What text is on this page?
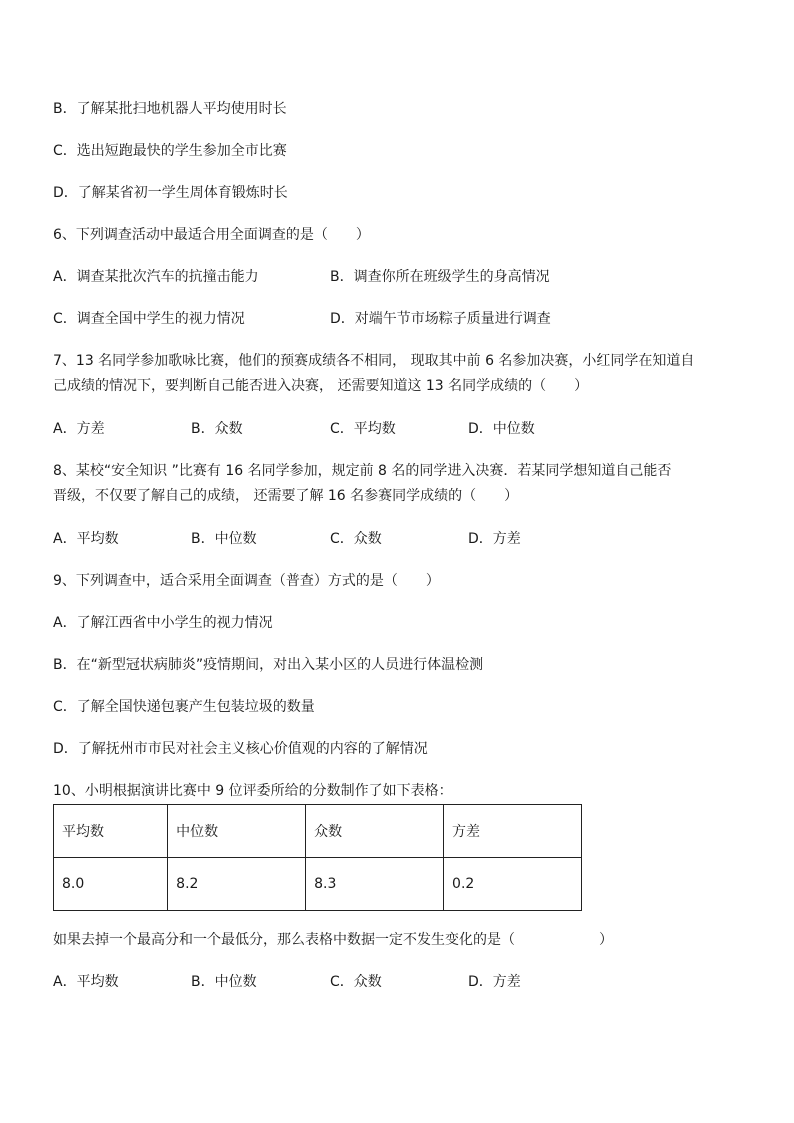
B．了解某批扫地机器人平均使用时长
C．选出短跑最快的学生参加全市比赛
D．了解某省初一学生周体育锻炼时长
6、下列调查活动中最适合用全面调查的是（　　）
A．调查某批次汽车的抗撞击能力	B．调查你所在班级学生的身高情况
C．调查全国中学生的视力情况	D．对端午节市场粽子质量进行调查
7、13 名同学参加歌咏比赛，他们的预赛成绩各不相同， 现取其中前 6 名参加决赛，小红同学在知道自
己成绩的情况下，要判断自己能否进入决赛， 还需要知道这 13 名同学成绩的（　　）
A．方差	B．众数	C．平均数	D．中位数
8、某校“安全知识 ”比赛有 16 名同学参加，规定前 8 名的同学进入决赛．若某同学想知道自己能否
晋级，不仅要了解自己的成绩， 还需要了解 16 名参赛同学成绩的（　　）
A．平均数	B．中位数	C．众数	D．方差
9、下列调查中，适合采用全面调查（普查）方式的是（　　）
A．了解江西省中小学生的视力情况
B．在“新型冠状病肺炎”疫情期间，对出入某小区的人员进行体温检测
C．了解全国快递包裹产生包装垃圾的数量
D．了解抚州市市民对社会主义核心价值观的内容的了解情况
10、小明根据演讲比赛中 9 位评委所给的分数制作了如下表格：
平均数	中位数	众数	方差
8.0	8.2	8.3	0.2
如果去掉一个最高分和一个最低分，那么表格中数据一定不发生变化的是（　　　　　　）
A．平均数	B．中位数	C．众数	D．方差
